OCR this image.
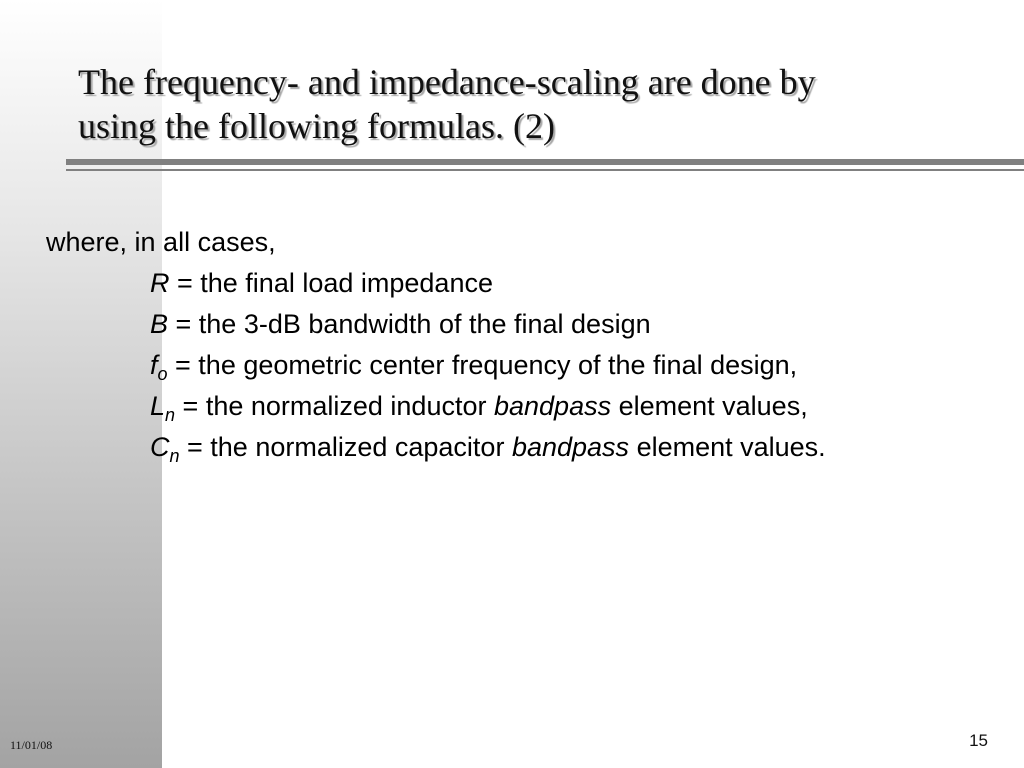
The frequency- and impedance-scaling are done by
using the following formulas. (2)
where, in all cases,
R = the final load impedance
B = the 3-dB bandwidth of the final design
$f_o$ = the geometric center frequency of the final design,
$L_n$ = the normalized inductor bandpass element values,
$C_n$ = the normalized capacitor bandpass element values.
11/01/08	15
